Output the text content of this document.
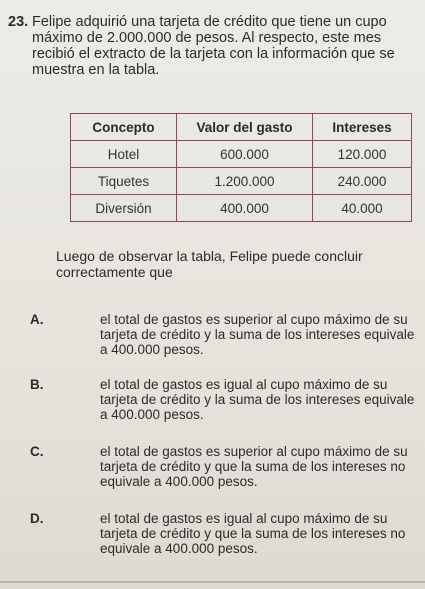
23. Felipe adquirió una tarjeta de crédito que tiene un cupo máximo de 2.000.000 de pesos. Al respecto, este mes recibió el extracto de la tarjeta con la información que se muestra en la tabla.
Concepto	Valor del gasto	Intereses
Hotel	600.000	120.000
Tiquetes	1.200.000	240.000
Diversión	400.000	40.000
Luego de observar la tabla, Felipe puede concluir correctamente que
A.	el total de gastos es superior al cupo máximo de su tarjeta de crédito y la suma de los intereses equivale a 400.000 pesos.
B.	el total de gastos es igual al cupo máximo de su tarjeta de crédito y la suma de los intereses equivale a 400.000 pesos.
C.	el total de gastos es superior al cupo máximo de su tarjeta de crédito y que la suma de los intereses no equivale a 400.000 pesos.
D.	el total de gastos es igual al cupo máximo de su tarjeta de crédito y que la suma de los intereses no equivale a 400.000 pesos.
